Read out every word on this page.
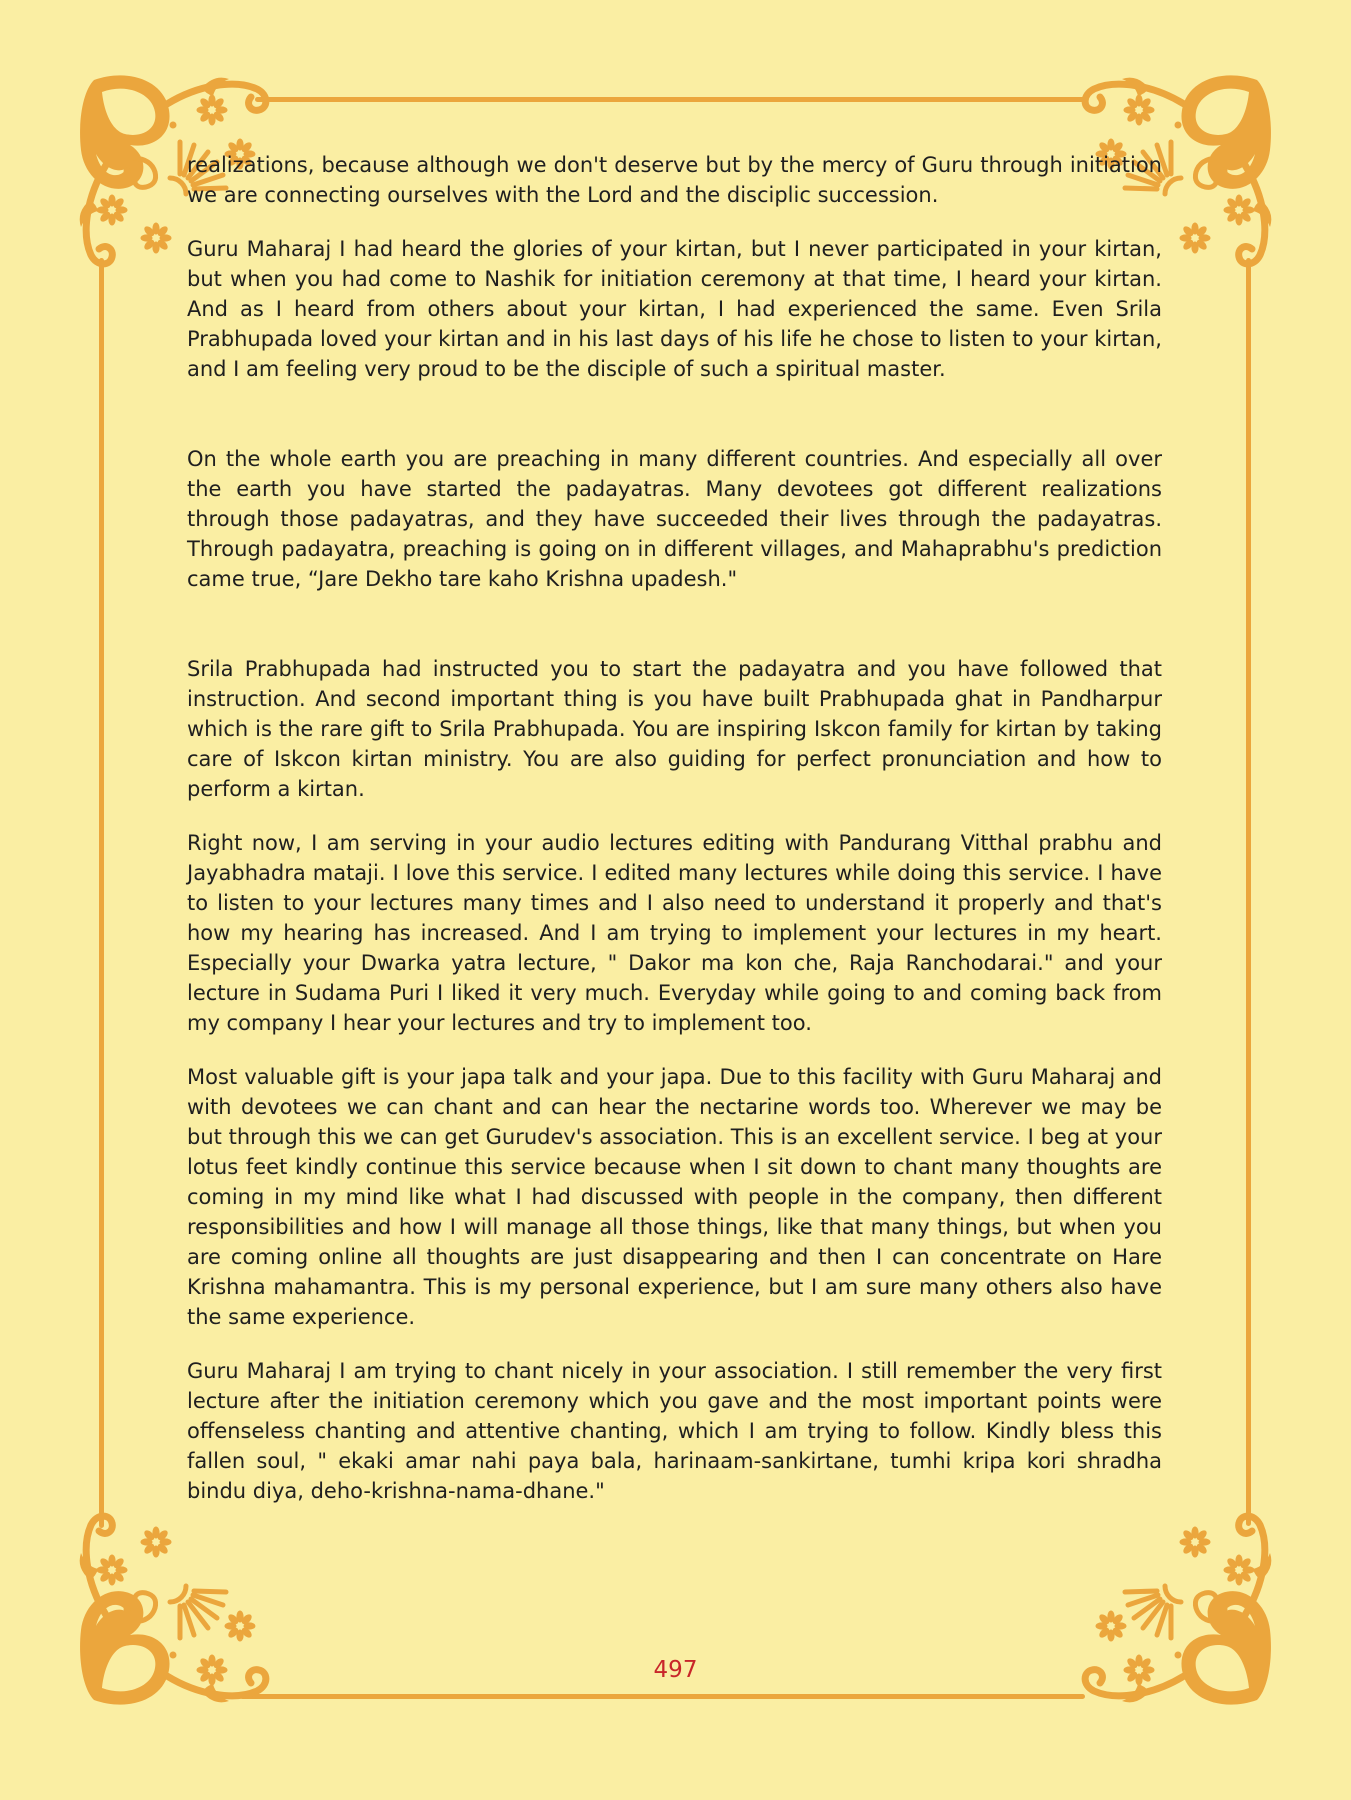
realizations, because although we don't deserve but by the mercy of Guru through initiation we are connecting ourselves with the Lord and the disciplic succession.

Guru Maharaj I had heard the glories of your kirtan, but I never participated in your kirtan, but when you had come to Nashik for initiation ceremony at that time, I heard your kirtan. And as I heard from others about your kirtan, I had experienced the same. Even Srila Prabhupada loved your kirtan and in his last days of his life he chose to listen to your kirtan, and I am feeling very proud to be the disciple of such a spiritual master.

On the whole earth you are preaching in many different countries. And especially all over the earth you have started the padayatras. Many devotees got different realizations through those padayatras, and they have succeeded their lives through the padayatras. Through padayatra, preaching is going on in different villages, and Mahaprabhu's prediction came true, “Jare Dekho tare kaho Krishna upadesh."

Srila Prabhupada had instructed you to start the padayatra and you have followed that instruction. And second important thing is you have built Prabhupada ghat in Pandharpur which is the rare gift to Srila Prabhupada. You are inspiring Iskcon family for kirtan by taking care of Iskcon kirtan ministry. You are also guiding for perfect pronunciation and how to perform a kirtan.

Right now, I am serving in your audio lectures editing with Pandurang Vitthal prabhu and Jayabhadra mataji. I love this service. I edited many lectures while doing this service. I have to listen to your lectures many times and I also need to understand it properly and that's how my hearing has increased. And I am trying to implement your lectures in my heart. Especially your Dwarka yatra lecture, " Dakor ma kon che, Raja Ranchodarai." and your lecture in Sudama Puri I liked it very much. Everyday while going to and coming back from my company I hear your lectures and try to implement too.

Most valuable gift is your japa talk and your japa. Due to this facility with Guru Maharaj and with devotees we can chant and can hear the nectarine words too. Wherever we may be but through this we can get Gurudev's association. This is an excellent service. I beg at your lotus feet kindly continue this service because when I sit down to chant many thoughts are coming in my mind like what I had discussed with people in the company, then different responsibilities and how I will manage all those things, like that many things, but when you are coming online all thoughts are just disappearing and then I can concentrate on Hare Krishna mahamantra. This is my personal experience, but I am sure many others also have the same experience.

Guru Maharaj I am trying to chant nicely in your association. I still remember the very first lecture after the initiation ceremony which you gave and the most important points were offenseless chanting and attentive chanting, which I am trying to follow. Kindly bless this fallen soul, " ekaki amar nahi paya bala, harinaam-sankirtane, tumhi kripa kori shradha bindu diya, deho-krishna-nama-dhane."

497
